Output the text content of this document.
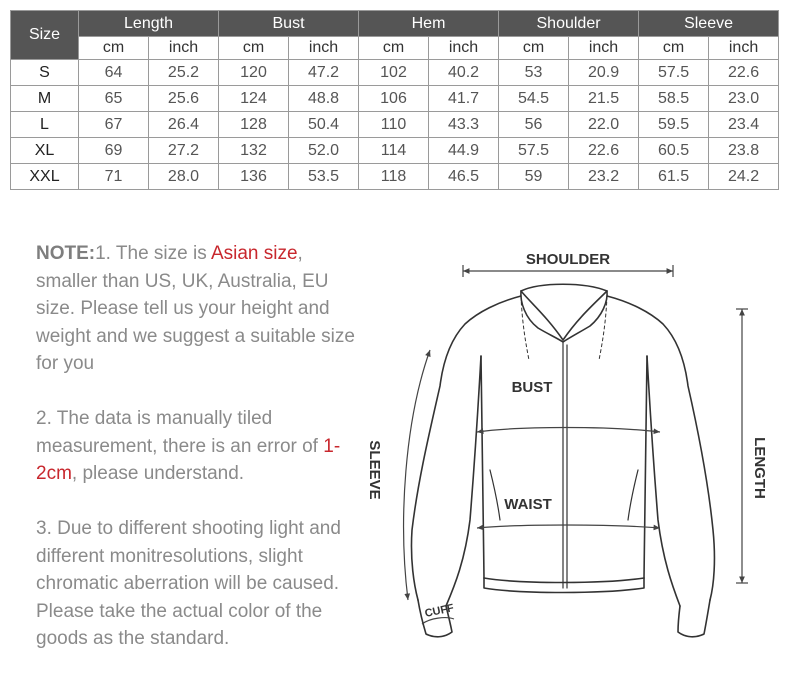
Size	Length		Bust		Hem		Shoulder		Sleeve	
	cm	inch	cm	inch	cm	inch	cm	inch	cm	inch
S	64	25.2	120	47.2	102	40.2	53	20.9	57.5	22.6
M	65	25.6	124	48.8	106	41.7	54.5	21.5	58.5	23.0
L	67	26.4	128	50.4	110	43.3	56	22.0	59.5	23.4
XL	69	27.2	132	52.0	114	44.9	57.5	22.6	60.5	23.8
XXL	71	28.0	136	53.5	118	46.5	59	23.2	61.5	24.2

NOTE:1. The size is Asian size, smaller than US, UK, Australia, EU size. Please tell us your height and weight and we suggest a suitable size for you

2. The data is manually tiled measurement, there is an error of 1-2cm, please understand.

3. Due to different shooting light and different monitresolutions, slight chromatic aberration will be caused. Please take the actual color of the goods as the standard.

SHOULDER
BUST
WAIST
LENGTH
SLEEVE
CUFF
